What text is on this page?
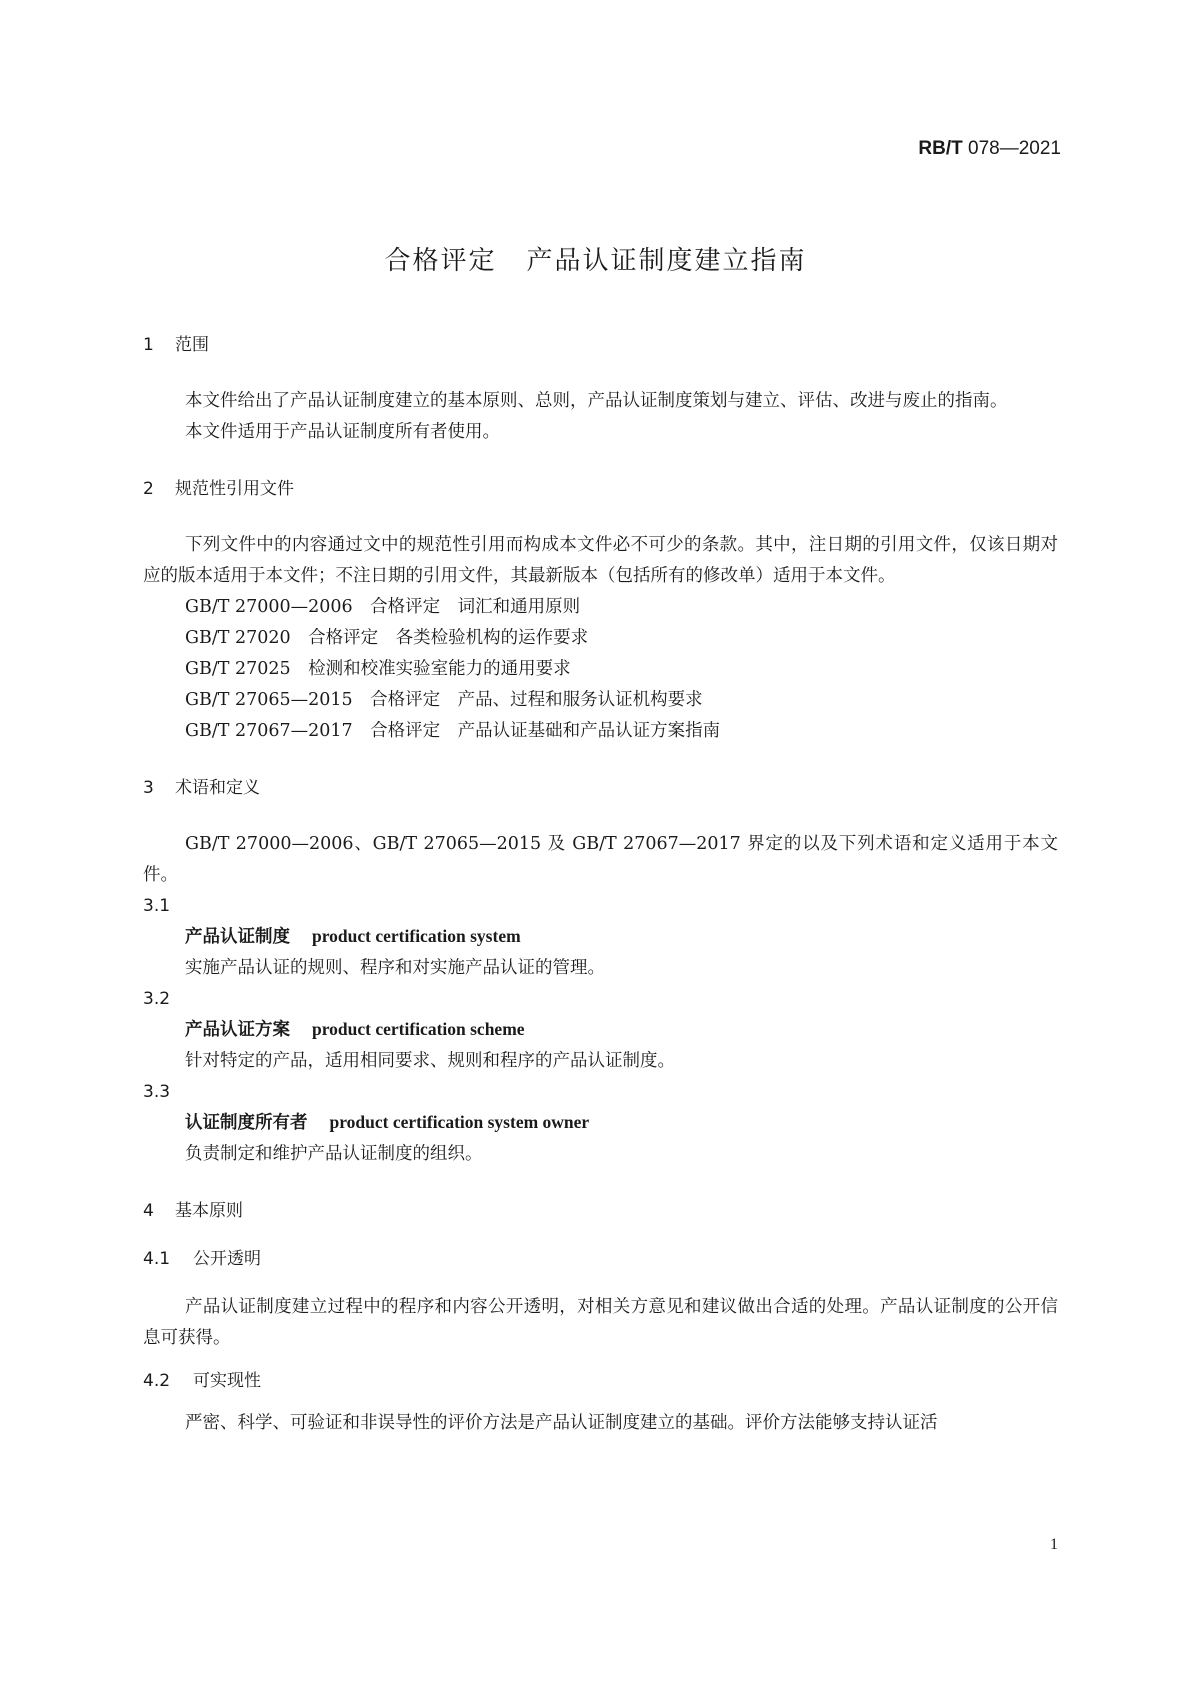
RB/T 078—2021
合格评定 产品认证制度建立指南

1 范围

本文件给出了产品认证制度建立的基本原则、总则，产品认证制度策划与建立、评估、改进与废止的指南。

本文件适用于产品认证制度所有者使用。

2 规范性引用文件

下列文件中的内容通过文中的规范性引用而构成本文件必不可少的条款。其中，注日期的引用文件，仅该日期对应的版本适用于本文件；不注日期的引用文件，其最新版本（包括所有的修改单）适用于本文件。

GB/T 27000—2006　合格评定　词汇和通用原则

GB/T 27020　合格评定　各类检验机构的运作要求

GB/T 27025　检测和校准实验室能力的通用要求

GB/T 27065—2015　合格评定　产品、过程和服务认证机构要求

GB/T 27067—2017　合格评定　产品认证基础和产品认证方案指南

3 术语和定义

GB/T 27000—2006、GB/T 27065—2015 及 GB/T 27067—2017 界定的以及下列术语和定义适用于本文件。

3.1

产品认证制度 product certification system

实施产品认证的规则、程序和对实施产品认证的管理。

3.2

产品认证方案 product certification scheme

针对特定的产品，适用相同要求、规则和程序的产品认证制度。

3.3

认证制度所有者 product certification system owner

负责制定和维护产品认证制度的组织。

4 基本原则

4.1 公开透明

产品认证制度建立过程中的程序和内容公开透明，对相关方意见和建议做出合适的处理。产品认证制度的公开信息可获得。

4.2 可实现性

严密、科学、可验证和非误导性的评价方法是产品认证制度建立的基础。评价方法能够支持认证活

1
